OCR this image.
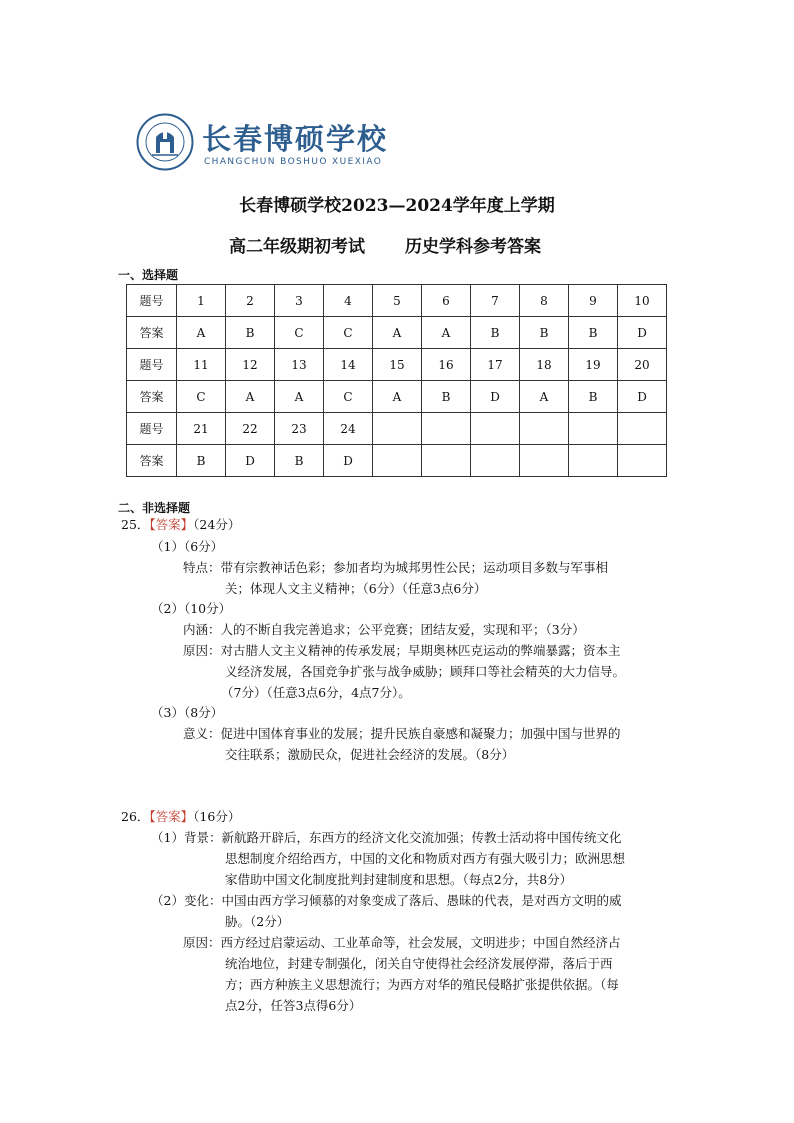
长春博硕学校
CHANGCHUN BOSHUO XUEXIAO
长春博硕学校2023—2024学年度上学期
高二年级期初考试 历史学科参考答案
一、选择题
题号	1	2	3	4	5	6	7	8	9	10
答案	A	B	C	C	A	A	B	B	B	D
题号	11	12	13	14	15	16	17	18	19	20
答案	C	A	A	C	A	B	D	A	B	D
题号	21	22	23	24						
答案	B	D	B	D						
二、非选择题
25．【答案】（24分）
（1）（6分）
特点：带有宗教神话色彩；参加者均为城邦男性公民；运动项目多数与军事相
关；体现人文主义精神；（6分）（任意3点6分）
（2）（10分）
内涵：人的不断自我完善追求；公平竞赛；团结友爱，实现和平；（3分）
原因：对古腊人文主义精神的传承发展；早期奥林匹克运动的弊端暴露；资本主
义经济发展，各国竞争扩张与战争威胁；顾拜口等社会精英的大力信导。
（7分）（任意3点6分，4点7分）。
（3）（8分）
意义：促进中国体育事业的发展；提升民族自豪感和凝聚力；加强中国与世界的
交往联系；激励民众，促进社会经济的发展。（8分）
26．【答案】（16分）
（1）背景：新航路开辟后，东西方的经济文化交流加强；传教士活动将中国传统文化
思想制度介绍给西方，中国的文化和物质对西方有强大吸引力；欧洲思想
家借助中国文化制度批判封建制度和思想。（每点2分，共8分）
（2）变化：中国由西方学习倾慕的对象变成了落后、愚昧的代表，是对西方文明的威
胁。（2分）
原因：西方经过启蒙运动、工业革命等，社会发展，文明进步；中国自然经济占
统治地位，封建专制强化，闭关自守使得社会经济发展停滞，落后于西
方；西方种族主义思想流行；为西方对华的殖民侵略扩张提供依据。（每
点2分，任答3点得6分）
